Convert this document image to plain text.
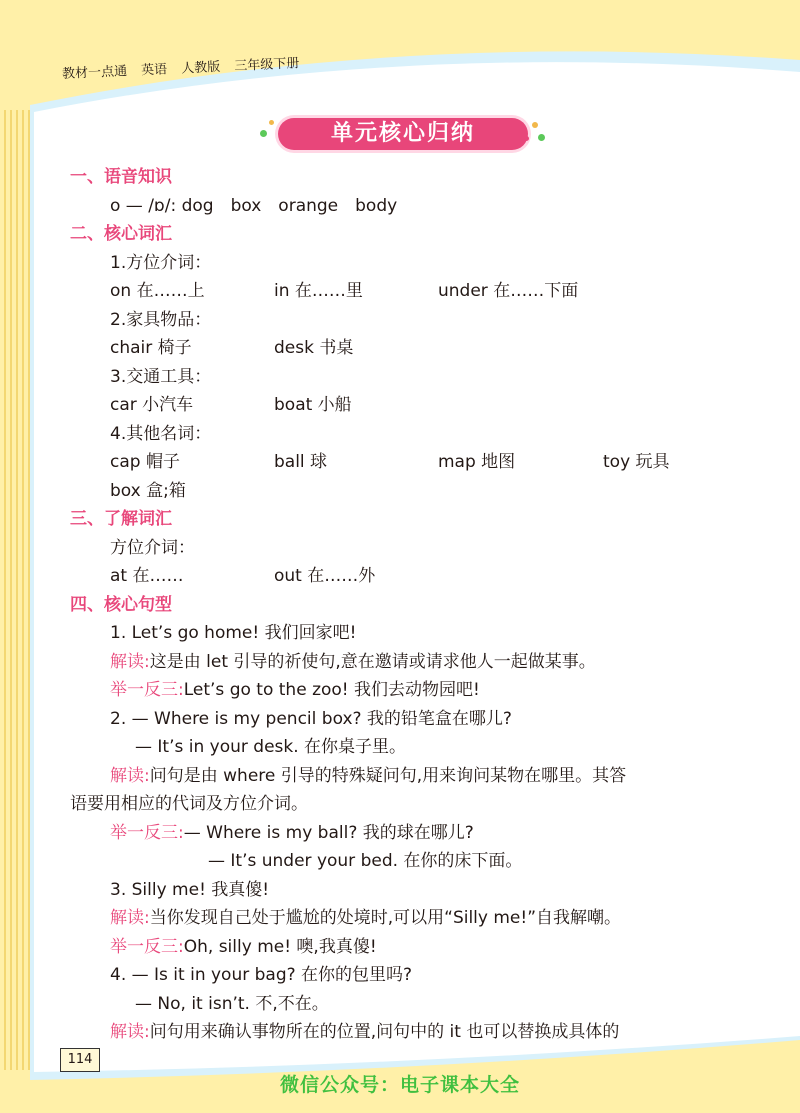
教材一点通 英语 人教版 三年级下册
单元核心归纳
一、语音知识
o — /ɒ/: dog　box　orange　body
二、核心词汇
1.方位介词：
on 在……上	in 在……里	under 在……下面
2.家具物品：
chair 椅子	desk 书桌
3.交通工具：
car 小汽车	boat 小船
4.其他名词：
cap 帽子	ball 球	map 地图	toy 玩具
box 盒;箱
三、了解词汇
方位介词：
at 在……	out 在……外
四、核心句型
1. Let’s go home! 我们回家吧!
解读:这是由 let 引导的祈使句,意在邀请或请求他人一起做某事。
举一反三:Let’s go to the zoo! 我们去动物园吧!
2. — Where is my pencil box? 我的铅笔盒在哪儿?
— It’s in your desk. 在你桌子里。
解读:问句是由 where 引导的特殊疑问句,用来询问某物在哪里。其答
语要用相应的代词及方位介词。
举一反三:— Where is my ball? 我的球在哪儿?
— It’s under your bed. 在你的床下面。
3. Silly me! 我真傻!
解读:当你发现自己处于尴尬的处境时,可以用“Silly me!”自我解嘲。
举一反三:Oh, silly me! 噢,我真傻!
4. — Is it in your bag? 在你的包里吗?
— No, it isn’t. 不,不在。
解读:问句用来确认事物所在的位置,问句中的 it 也可以替换成具体的
114
微信公众号：电子课本大全
